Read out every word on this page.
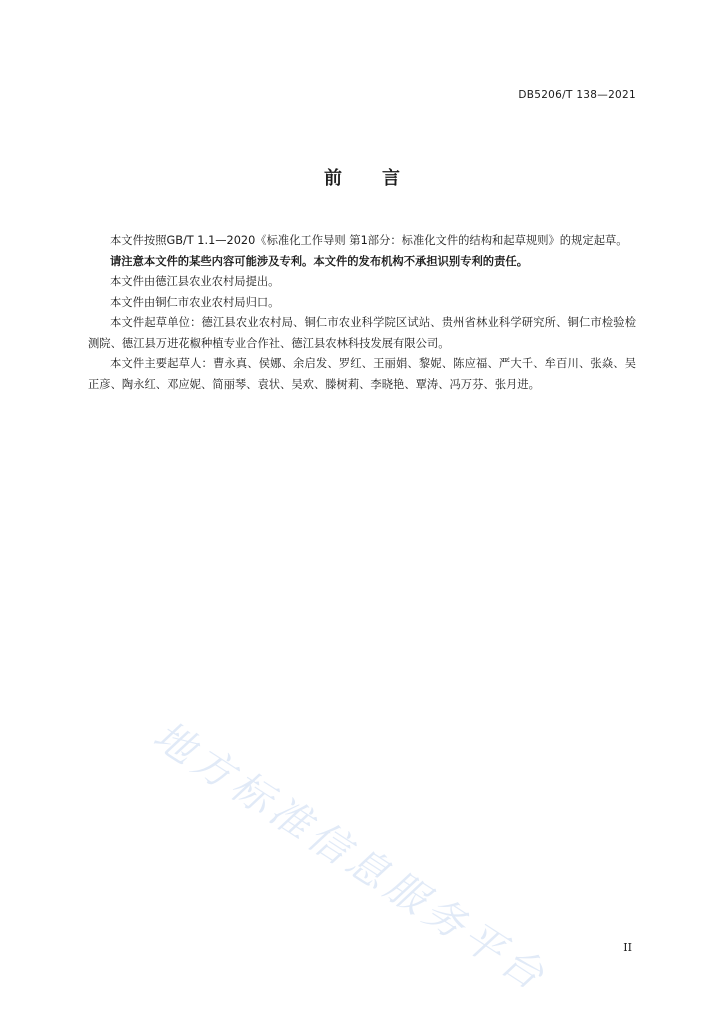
DB5206/T 138—2021
前言

本文件按照GB/T 1.1—2020《标准化工作导则 第1部分：标准化文件的结构和起草规则》的规定起草。

请注意本文件的某些内容可能涉及专利。本文件的发布机构不承担识别专利的责任。

本文件由德江县农业农村局提出。

本文件由铜仁市农业农村局归口。

本文件起草单位：德江县农业农村局、铜仁市农业科学院区试站、贵州省林业科学研究所、铜仁市检验检测院、德江县万进花椒种植专业合作社、德江县农林科技发展有限公司。

本文件主要起草人：曹永真、侯娜、余启发、罗红、王丽娟、黎妮、陈应福、严大千、牟百川、张焱、吴正彦、陶永红、邓应妮、简丽琴、袁状、吴欢、滕树莉、李晓艳、覃涛、冯万芬、张月进。

地方标准信息服务平台	II
